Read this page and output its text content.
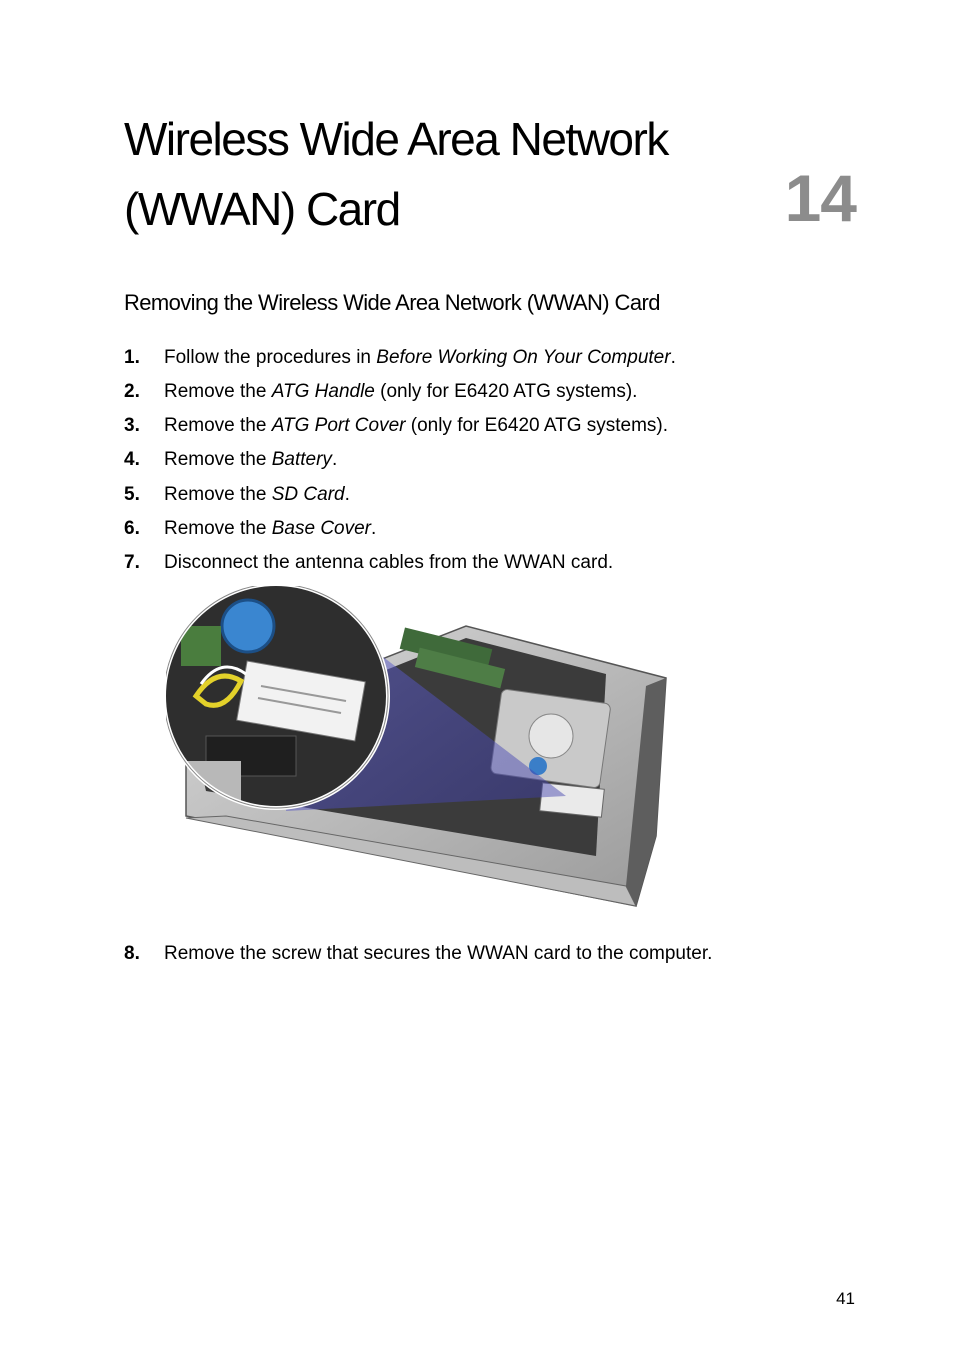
Wireless Wide Area Network
(WWAN) Card	14
Removing the Wireless Wide Area Network (WWAN) Card
1. Follow the procedures in Before Working On Your Computer.
2. Remove the ATG Handle (only for E6420 ATG systems).
3. Remove the ATG Port Cover (only for E6420 ATG systems).
4. Remove the Battery.
5. Remove the SD Card.
6. Remove the Base Cover.
7. Disconnect the antenna cables from the WWAN card.
8. Remove the screw that secures the WWAN card to the computer.
41
